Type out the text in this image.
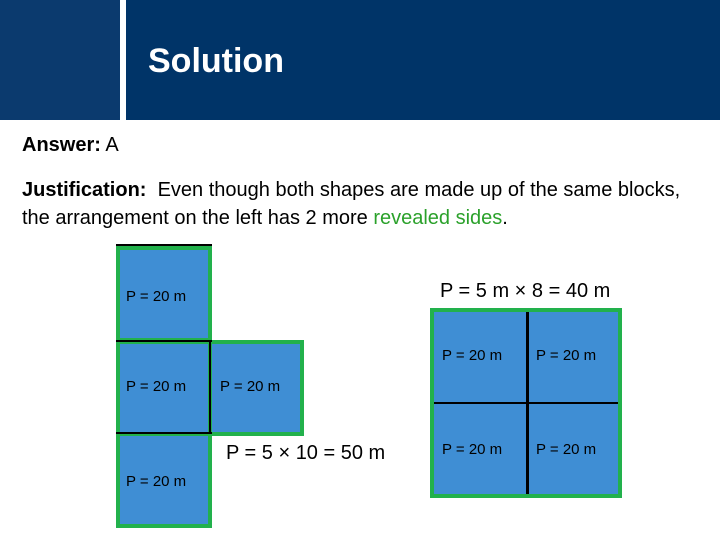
Solution
Answer: A
Justification: Even though both shapes are made up of the same blocks, the arrangement on the left has 2 more revealed sides.
P = 20 m
P = 20 m P = 20 m
P = 20 m
P = 5 × 10 = 50 m
P = 20 m P = 20 m
P = 20 m P = 20 m
P = 5 m × 8 = 40 m
